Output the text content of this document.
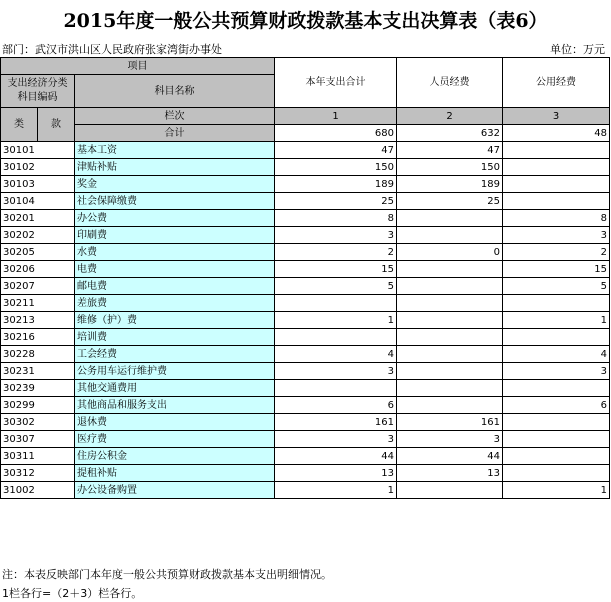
2015年度一般公共预算财政拨款基本支出决算表（表6）
部门：武汉市洪山区人民政府张家湾街办事处	单位：万元
项目			本年支出合计	人员经费	公用经费
支出经济分类科目编码		科目名称			

类	款	栏次	1	2	3
		合计	680	632	48
30101		基本工资	47	47	
30102		津贴补贴	150	150	
30103		奖金	189	189	
30104		社会保障缴费	25	25	
30201		办公费	8		8
30202		印刷费	3		3
30205		水费	2	0	2
30206		电费	15		15
30207		邮电费	5		5
30211		差旅费			
30213		维修（护）费	1		1
30216		培训费			
30228		工会经费	4		4
30231		公务用车运行维护费	3		3
30239		其他交通费用			
30299		其他商品和服务支出	6		6
30302		退休费	161	161	
30307		医疗费	3	3	
30311		住房公积金	44	44	
30312		提租补贴	13	13	
31002		办公设备购置	1		1
注：本表反映部门本年度一般公共预算财政拨款基本支出明细情况。
1栏各行=（2＋3）栏各行。
